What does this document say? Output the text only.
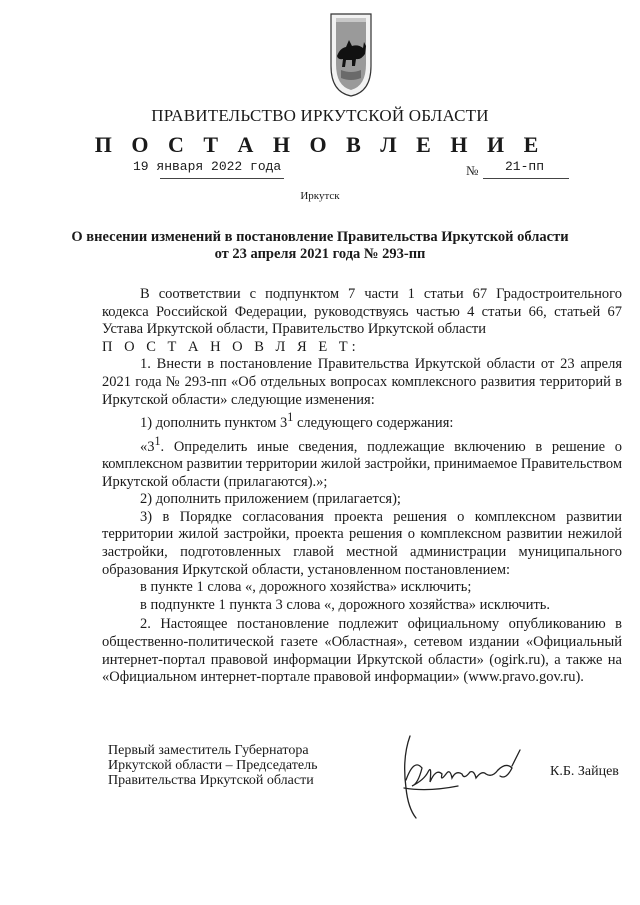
ПРАВИТЕЛЬСТВО ИРКУТСКОЙ ОБЛАСТИ
П О С Т А Н О В Л Е Н И Е
19 января 2022 года	№ 21-пп
Иркутск
О внесении изменений в постановление Правительства Иркутской области
от 23 апреля 2021 года № 293-пп

В соответствии с подпунктом 7 части 1 статьи 67 Градостроительного кодекса Российской Федерации, руководствуясь частью 4 статьи 66, статьей 67 Устава Иркутской области, Правительство Иркутской области

П О С Т А Н О В Л Я Е Т:

1. Внести в постановление Правительства Иркутской области от 23 апреля 2021 года № 293-пп «Об отдельных вопросах комплексного развития территорий в Иркутской области» следующие изменения:

1) дополнить пунктом $3^1$ следующего содержания:

«$3^1$. Определить иные сведения, подлежащие включению в решение о комплексном развитии территории жилой застройки, принимаемое Правительством Иркутской области (прилагаются).»;

2) дополнить приложением (прилагается);

3) в Порядке согласования проекта решения о комплексном развитии территории жилой застройки, проекта решения о комплексном развитии нежилой застройки, подготовленных главой местной администрации муниципального образования Иркутской области, установленном постановлением:

в пункте 1 слова «, дорожного хозяйства» исключить;

в подпункте 1 пункта 3 слова «, дорожного хозяйства» исключить.

2. Настоящее постановление подлежит официальному опубликованию в общественно-политической газете «Областная», сетевом издании «Официальный интернет-портал правовой информации Иркутской области» (ogirk.ru), а также на «Официальном интернет-портале правовой информации» (www.pravo.gov.ru).

Первый заместитель Губернатора
Иркутской области – Председатель
Правительства Иркутской области
К.Б. Зайцев
